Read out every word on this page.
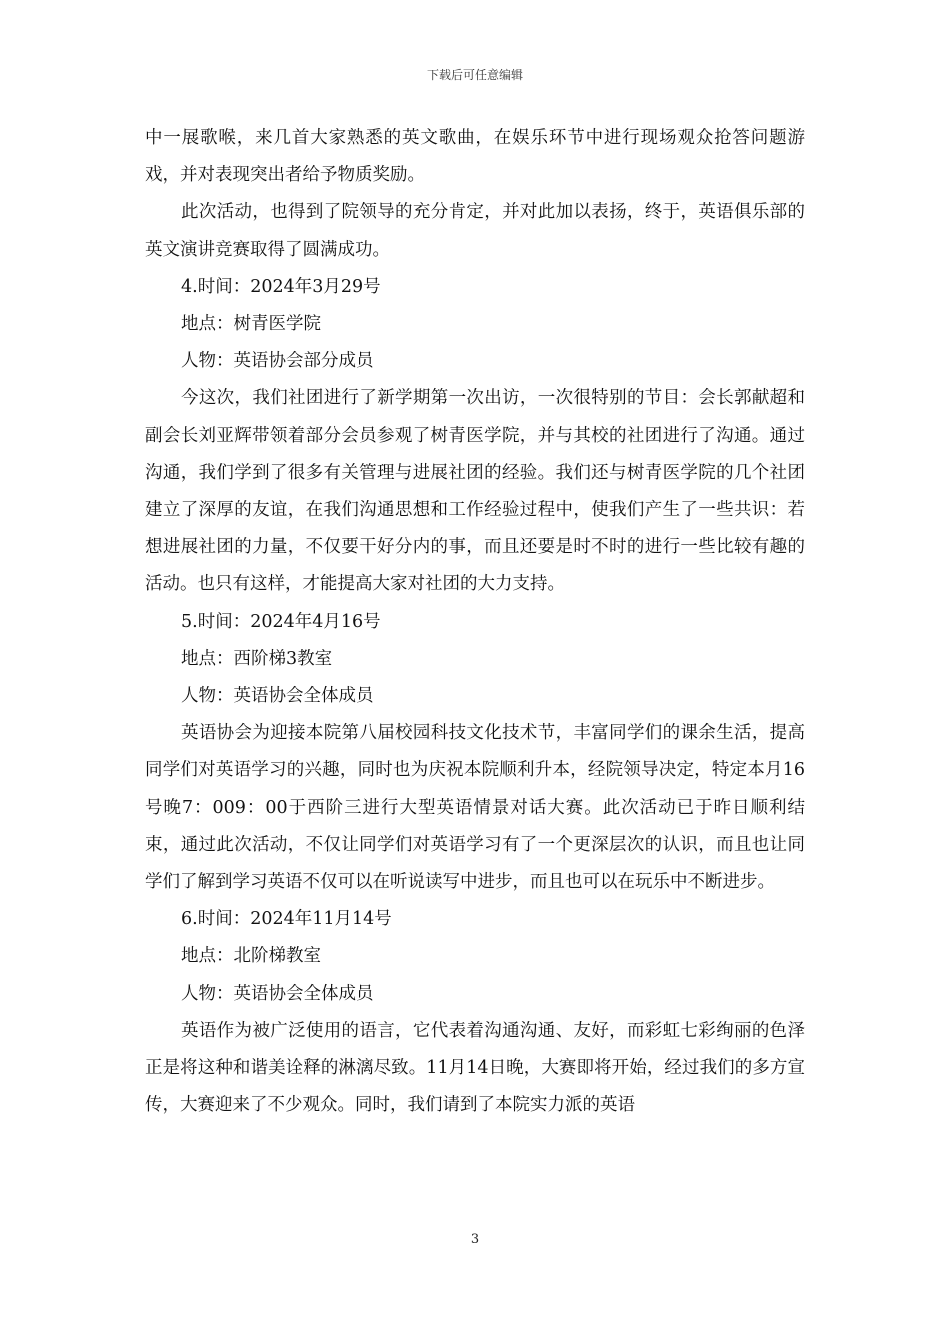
下载后可任意编辑

中一展歌喉，来几首大家熟悉的英文歌曲，在娱乐环节中进行现场观众抢答问题游戏，并对表现突出者给予物质奖励。

此次活动，也得到了院领导的充分肯定，并对此加以表扬，终于，英语俱乐部的英文演讲竞赛取得了圆满成功。

4.时间：2024年3月29号

地点：树青医学院

人物：英语协会部分成员

今这次，我们社团进行了新学期第一次出访，一次很特别的节目：会长郭献超和副会长刘亚辉带领着部分会员参观了树青医学院，并与其校的社团进行了沟通。通过沟通，我们学到了很多有关管理与进展社团的经验。我们还与树青医学院的几个社团建立了深厚的友谊，在我们沟通思想和工作经验过程中，使我们产生了一些共识：若想进展社团的力量，不仅要干好分内的事，而且还要是时不时的进行一些比较有趣的活动。也只有这样，才能提高大家对社团的大力支持。

5.时间：2024年4月16号

地点：西阶梯3教室

人物：英语协会全体成员

英语协会为迎接本院第八届校园科技文化技术节，丰富同学们的课余生活，提高同学们对英语学习的兴趣，同时也为庆祝本院顺利升本，经院领导决定，特定本月16号晚7：009：00于西阶三进行大型英语情景对话大赛。此次活动已于昨日顺利结束，通过此次活动，不仅让同学们对英语学习有了一个更深层次的认识，而且也让同学们了解到学习英语不仅可以在听说读写中进步，而且也可以在玩乐中不断进步。

6.时间：2024年11月14号

地点：北阶梯教室

人物：英语协会全体成员

英语作为被广泛使用的语言，它代表着沟通沟通、友好，而彩虹七彩绚丽的色泽正是将这种和谐美诠释的淋漓尽致。11月14日晚，大赛即将开始，经过我们的多方宣传，大赛迎来了不少观众。同时，我们请到了本院实力派的英语

3
